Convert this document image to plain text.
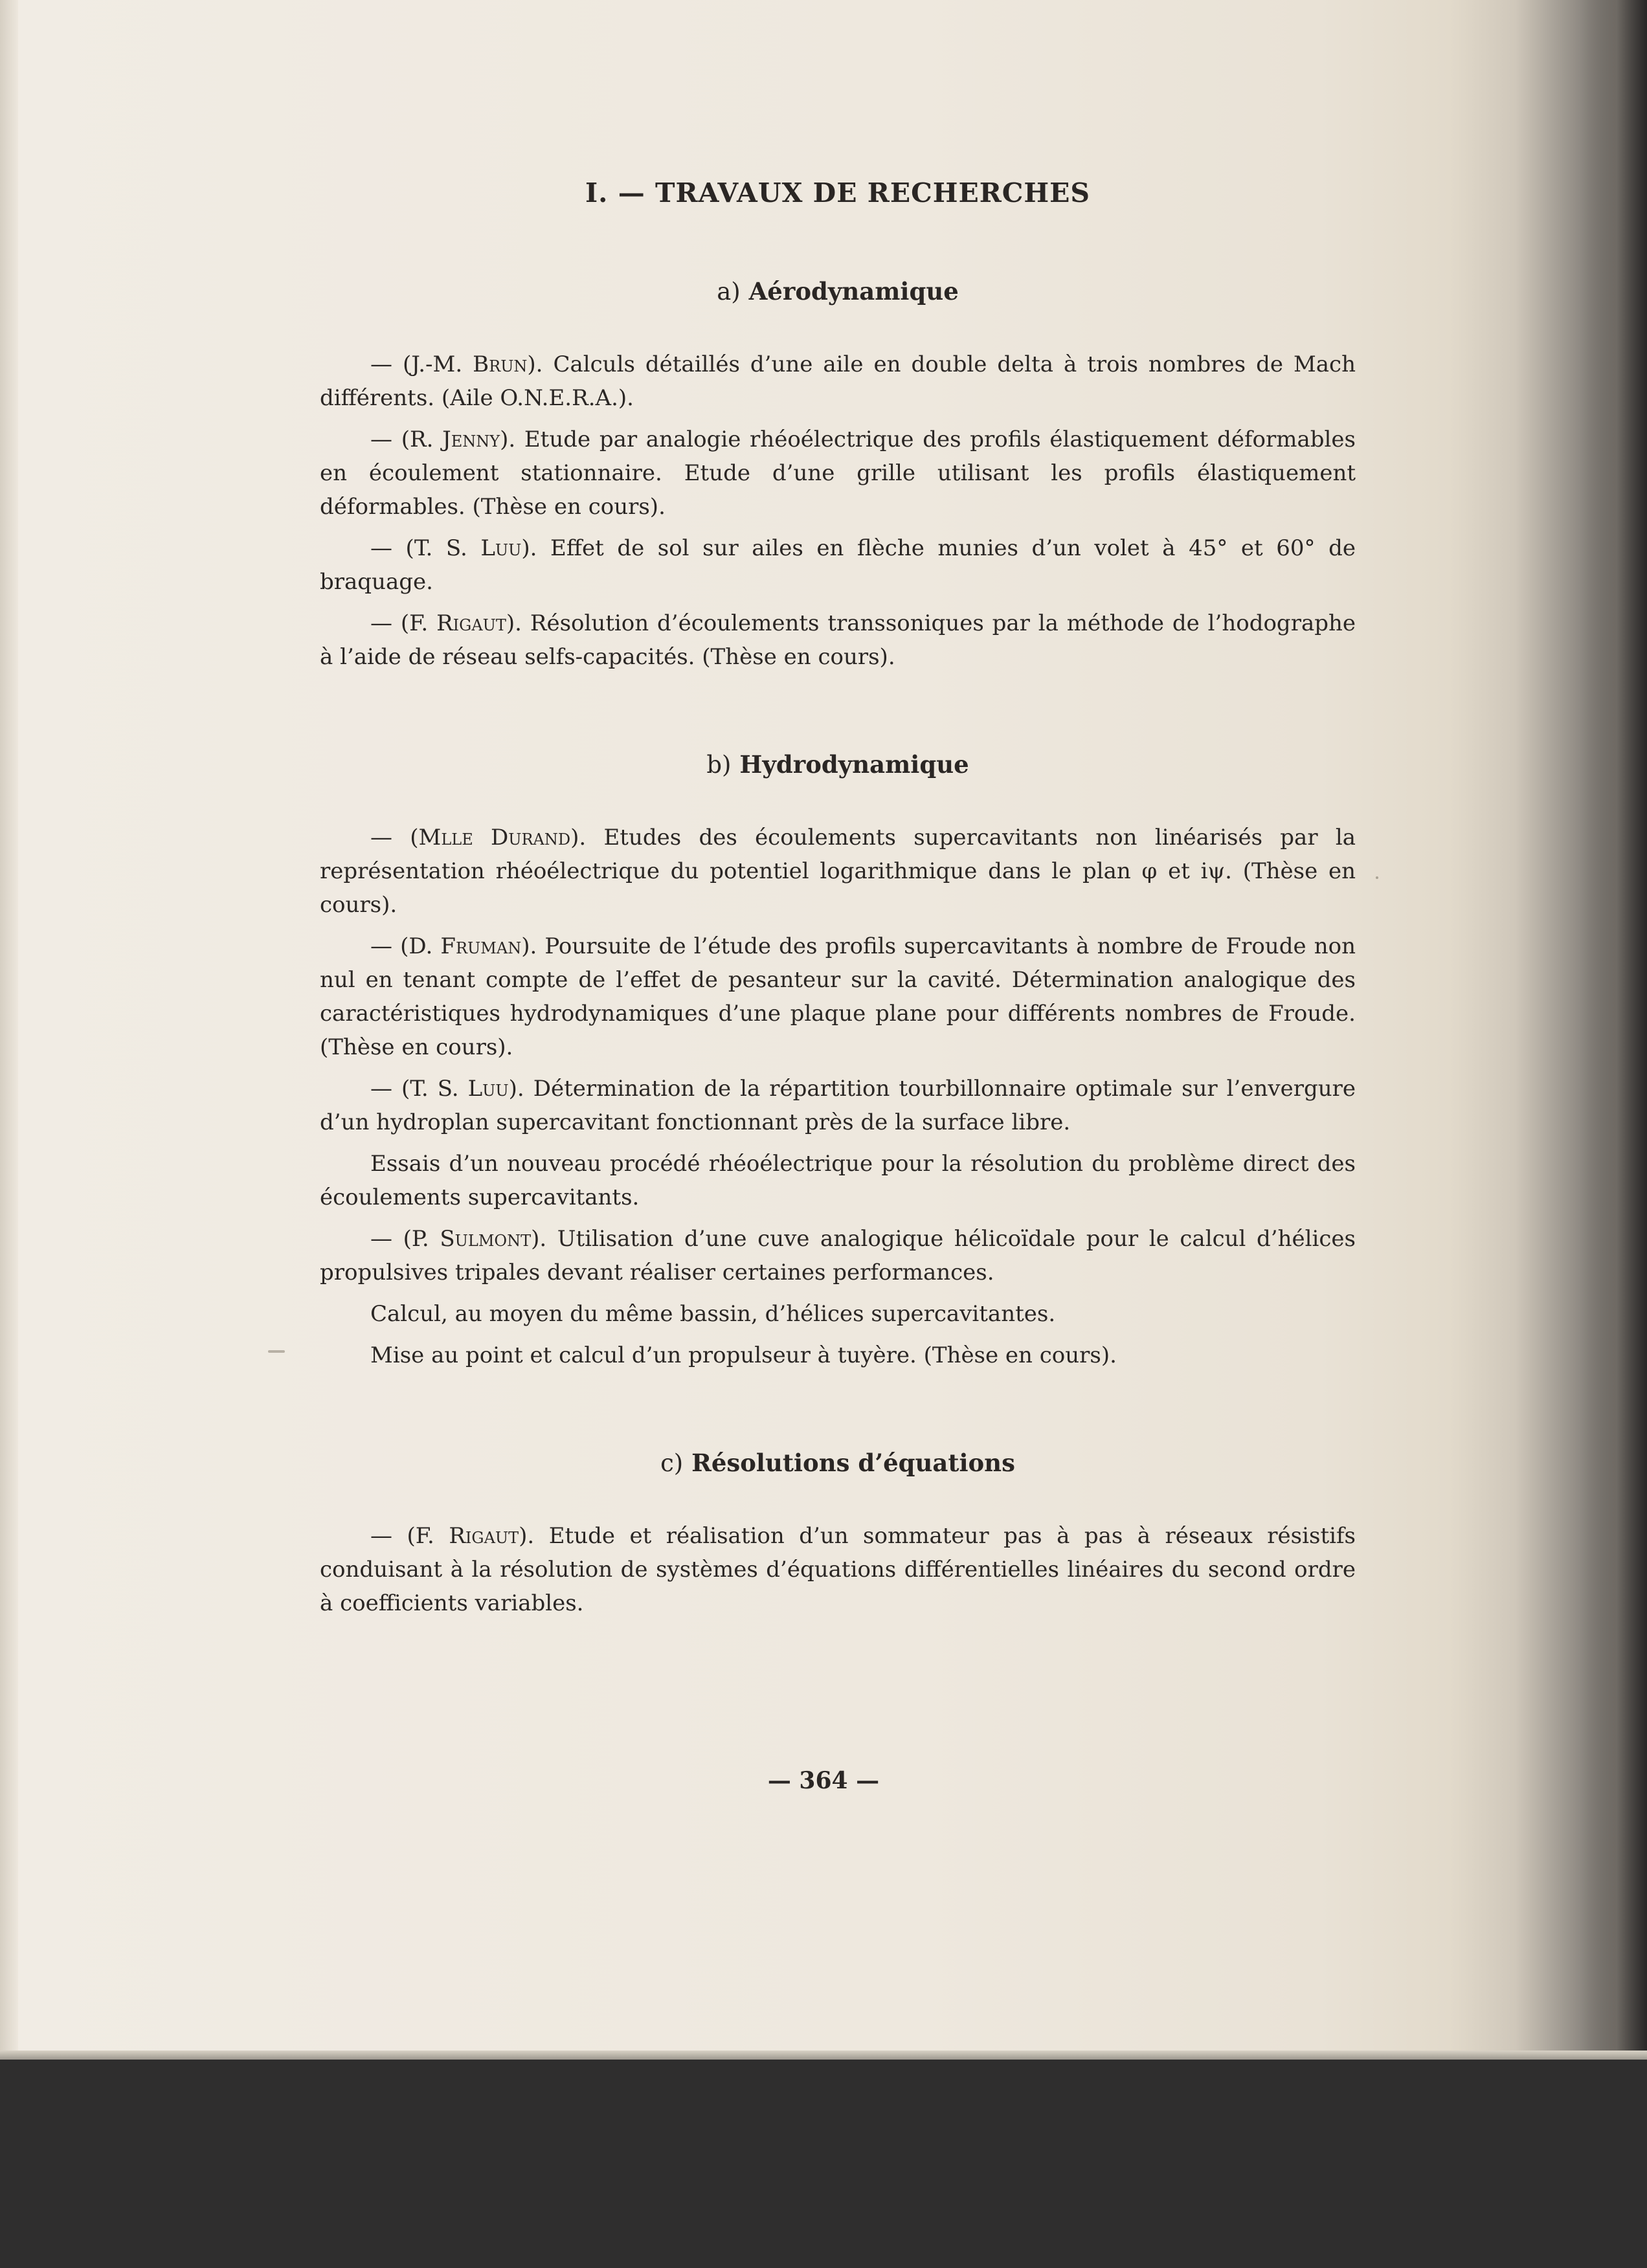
I. — TRAVAUX DE RECHERCHES
a) Aérodynamique

— (J.-M. Brun). Calculs détaillés d’une aile en double delta à trois nombres de Mach différents. (Aile O.N.E.R.A.).

— (R. Jenny). Etude par analogie rhéoélectrique des profils élastiquement déformables en écoulement stationnaire. Etude d’une grille utilisant les profils élastiquement déformables. (Thèse en cours).

— (T. S. Luu). Effet de sol sur ailes en flèche munies d’un volet à 45° et 60° de braquage.

— (F. Rigaut). Résolution d’écoulements transsoniques par la méthode de l’hodographe à l’aide de réseau selfs-capacités. (Thèse en cours).

b) Hydrodynamique

— (Mlle Durand). Etudes des écoulements supercavitants non linéarisés par la représentation rhéoélectrique du potentiel logarithmique dans le plan φ et iψ. (Thèse en cours).

— (D. Fruman). Poursuite de l’étude des profils supercavitants à nombre de Froude non nul en tenant compte de l’effet de pesanteur sur la cavité. Détermination analogique des caractéristiques hydrodynamiques d’une plaque plane pour différents nombres de Froude. (Thèse en cours).

— (T. S. Luu). Détermination de la répartition tourbillonnaire optimale sur l’envergure d’un hydroplan supercavitant fonctionnant près de la surface libre.

Essais d’un nouveau procédé rhéoélectrique pour la résolution du problème direct des écoulements supercavitants.

— (P. Sulmont). Utilisation d’une cuve analogique hélicoïdale pour le calcul d’hélices propulsives tripales devant réaliser certaines performances.

Calcul, au moyen du même bassin, d’hélices supercavitantes.

Mise au point et calcul d’un propulseur à tuyère. (Thèse en cours).

c) Résolutions d’équations

— (F. Rigaut). Etude et réalisation d’un sommateur pas à pas à réseaux résistifs conduisant à la résolution de systèmes d’équations différentielles linéaires du second ordre à coefficients variables.

— 364 —
